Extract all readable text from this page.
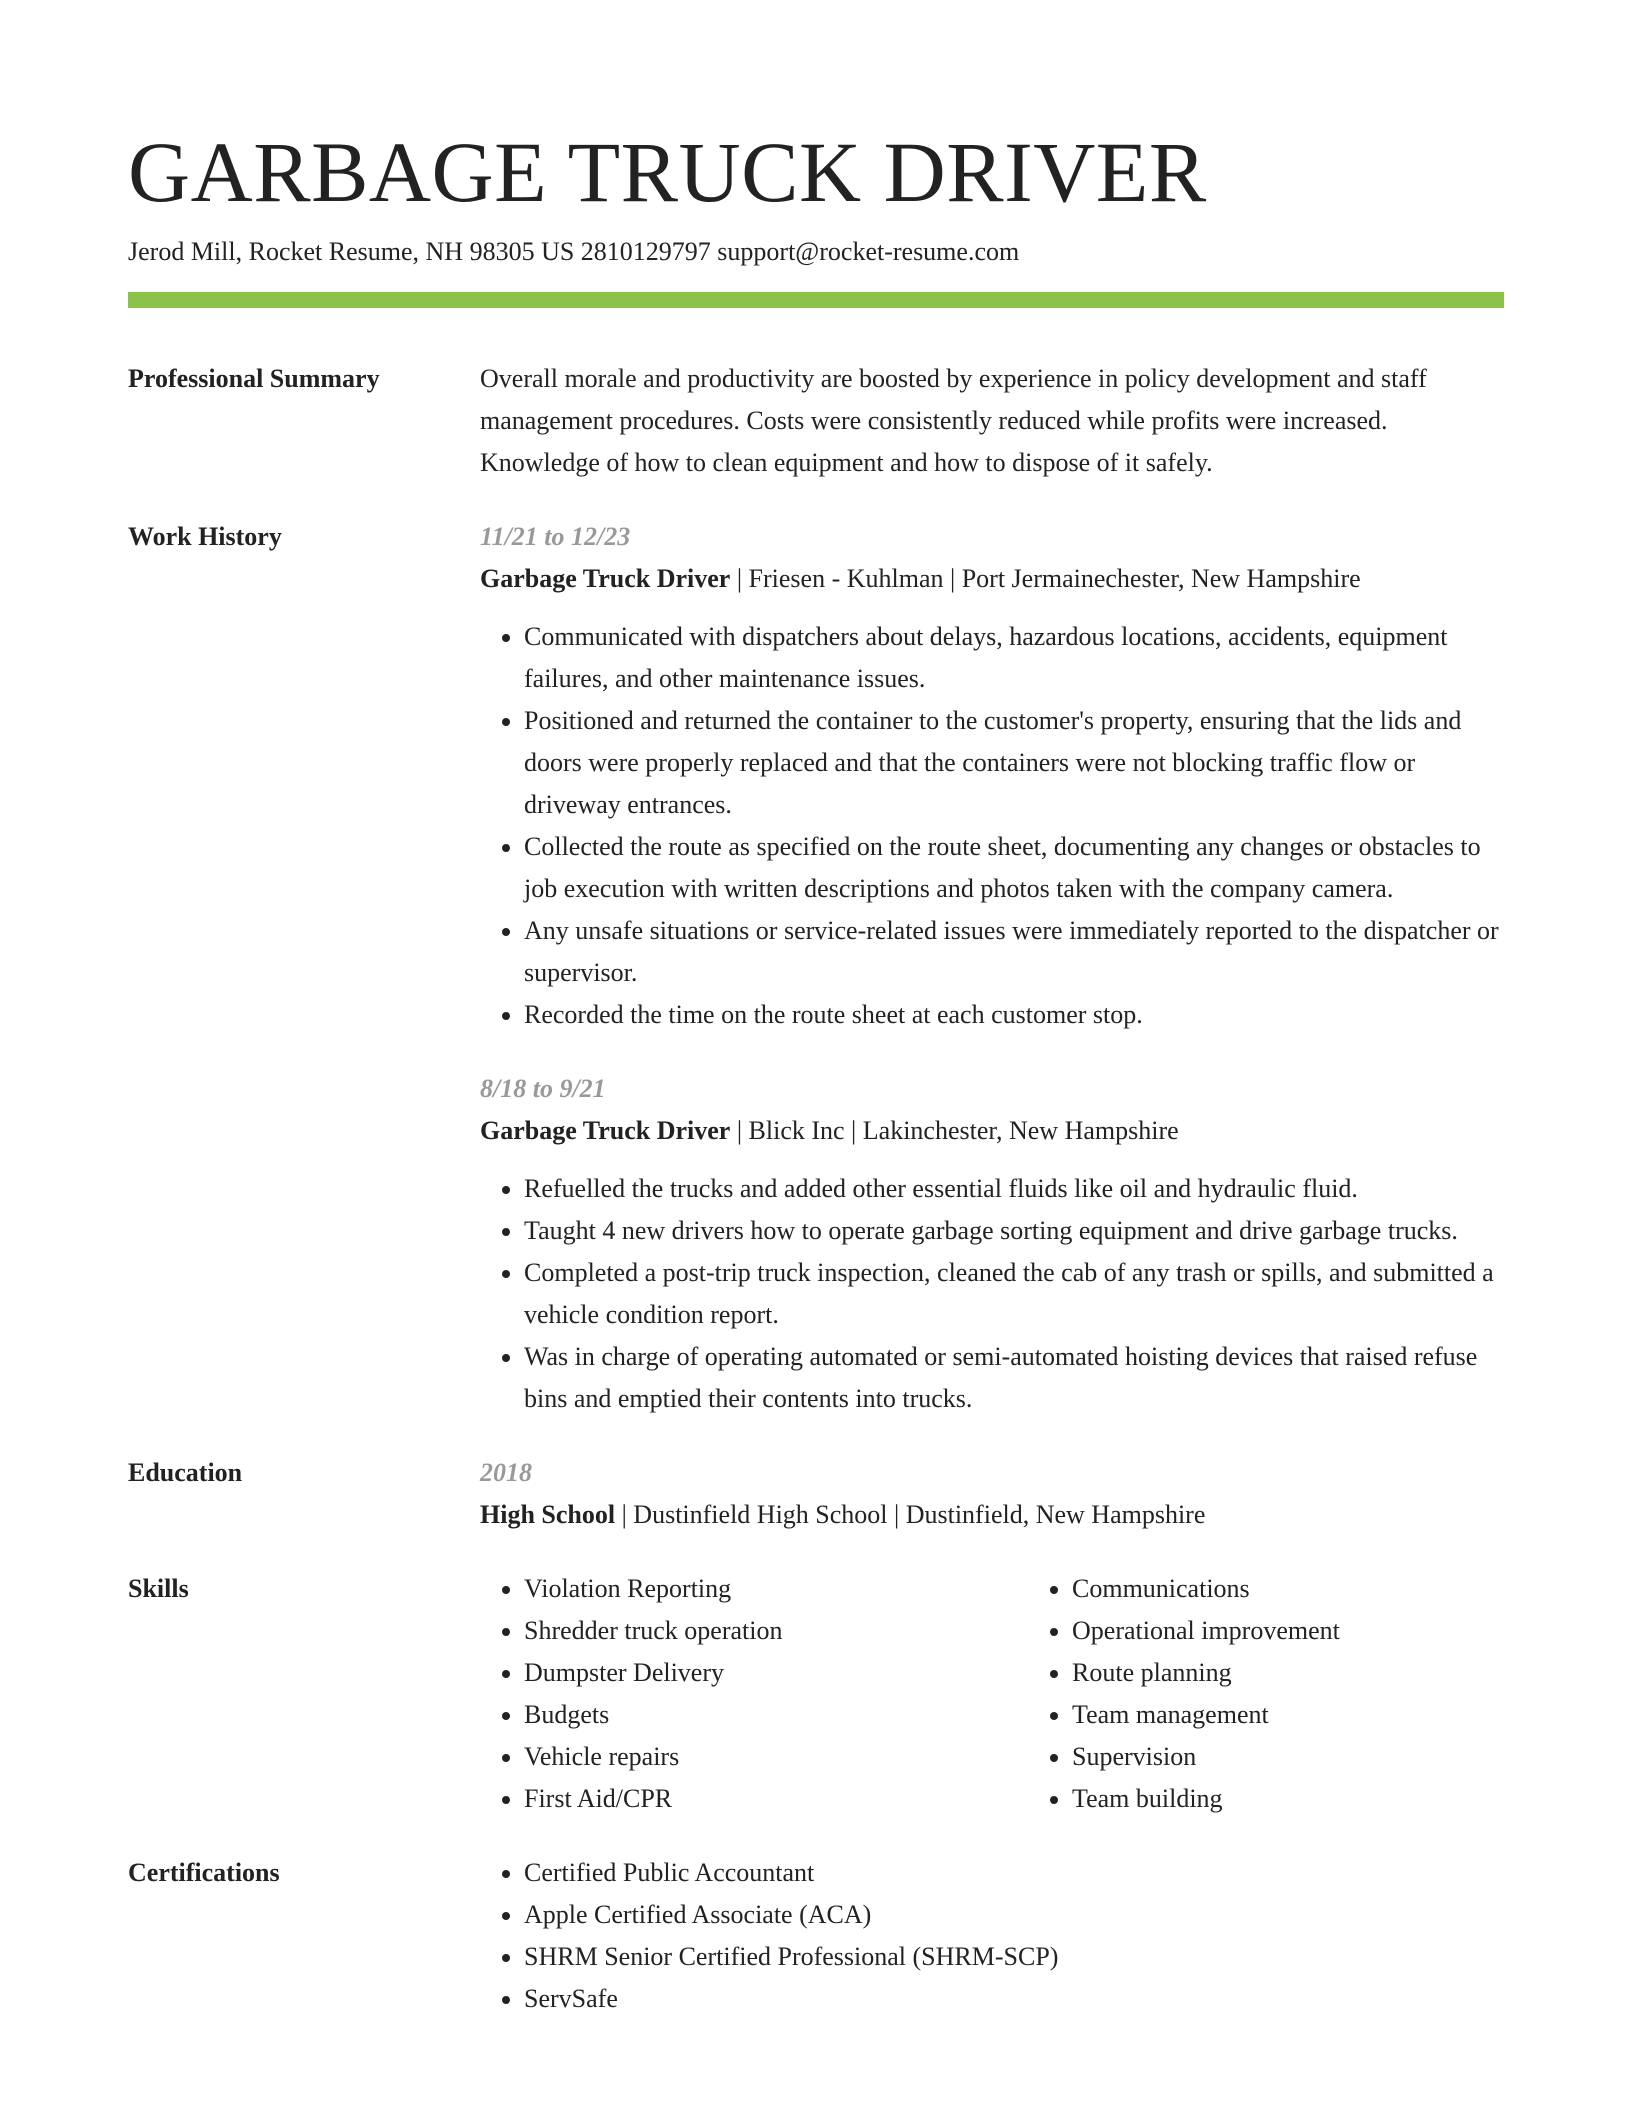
GARBAGE TRUCK DRIVER
Jerod Mill, Rocket Resume, NH 98305 US 2810129797 support@rocket-resume.com
Professional Summary	Overall morale and productivity are boosted by experience in policy development and staff management procedures. Costs were consistently reduced while profits were increased. Knowledge of how to clean equipment and how to dispose of it safely.
Work History	11/21 to 12/23
Garbage Truck Driver | Friesen - Kuhlman | Port Jermainechester, New Hampshire
• Communicated with dispatchers about delays, hazardous locations, accidents, equipment failures, and other maintenance issues.
• Positioned and returned the container to the customer's property, ensuring that the lids and doors were properly replaced and that the containers were not blocking traffic flow or driveway entrances.
• Collected the route as specified on the route sheet, documenting any changes or obstacles to job execution with written descriptions and photos taken with the company camera.
• Any unsafe situations or service-related issues were immediately reported to the dispatcher or supervisor.
• Recorded the time on the route sheet at each customer stop.
8/18 to 9/21
Garbage Truck Driver | Blick Inc | Lakinchester, New Hampshire
• Refuelled the trucks and added other essential fluids like oil and hydraulic fluid.
• Taught 4 new drivers how to operate garbage sorting equipment and drive garbage trucks.
• Completed a post-trip truck inspection, cleaned the cab of any trash or spills, and submitted a vehicle condition report.
• Was in charge of operating automated or semi-automated hoisting devices that raised refuse bins and emptied their contents into trucks.
Education	2018
High School | Dustinfield High School | Dustinfield, New Hampshire
Skills	• Violation Reporting
• Shredder truck operation
• Dumpster Delivery
• Budgets
• Vehicle repairs
• First Aid/CPR
• Communications
• Operational improvement
• Route planning
• Team management
• Supervision
• Team building
Certifications	• Certified Public Accountant
• Apple Certified Associate (ACA)
• SHRM Senior Certified Professional (SHRM-SCP)
• ServSafe
